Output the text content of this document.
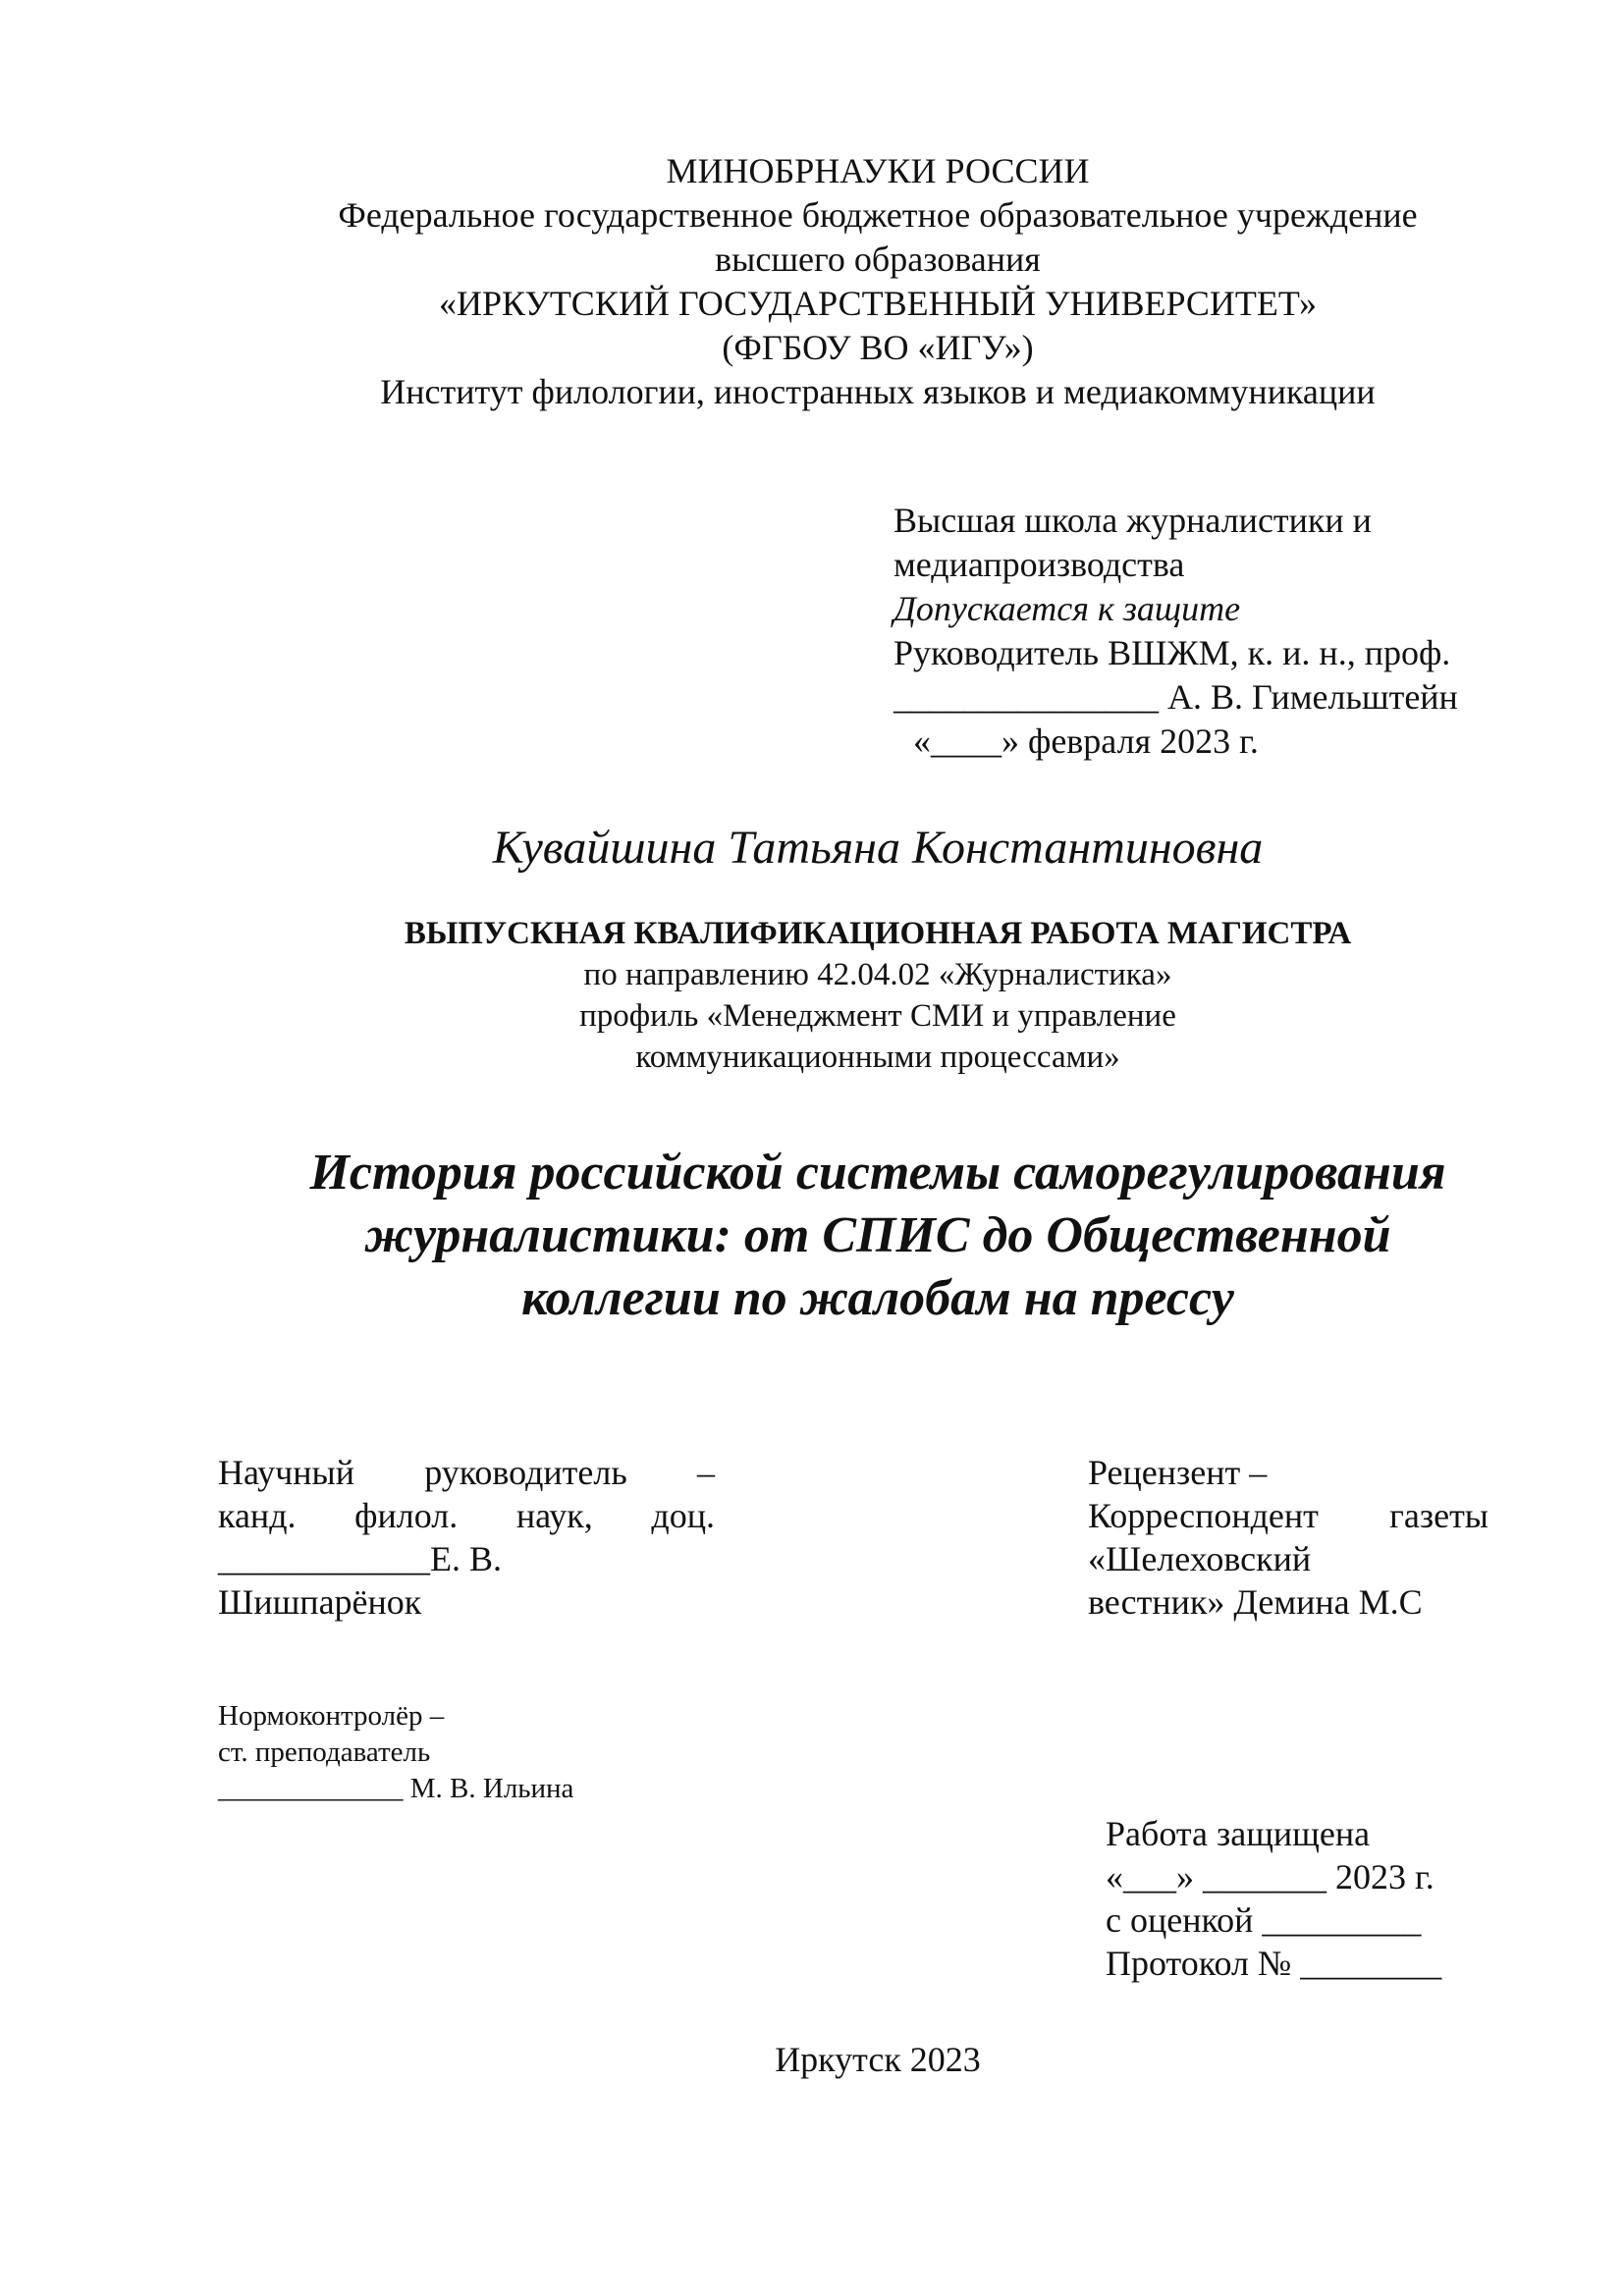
МИНОБРНАУКИ РОССИИ
Федеральное государственное бюджетное образовательное учреждение
высшего образования
«ИРКУТСКИЙ ГОСУДАРСТВЕННЫЙ УНИВЕРСИТЕТ»
(ФГБОУ ВО «ИГУ»)
Институт филологии, иностранных языков и медиакоммуникации
Высшая школа журналистики и
медиапроизводства
Допускается к защите
Руководитель ВШЖМ, к. и. н., проф.
_______________ А. В. Гимельштейн
«____» февраля 2023 г.
Кувайшина Татьяна Константиновна
ВЫПУСКНАЯ КВАЛИФИКАЦИОННАЯ РАБОТА МАГИСТРА
по направлению 42.04.02 «Журналистика»
профиль «Менеджмент СМИ и управление
коммуникационными процессами»
История российской системы саморегулирования
журналистики: от СПИС до Общественной
коллегии по жалобам на прессу
Научный руководитель –
канд. филол. наук, доц.
____________Е. В.
Шишпарёнок
Рецензент –
Корреспондент газеты
«Шелеховский
вестник» Демина М.С
Нормоконтролёр –
ст. преподаватель
_____________ М. В. Ильина
Работа защищена
«___» _______ 2023 г.
с оценкой _________
Протокол № ________
Иркутск 2023
